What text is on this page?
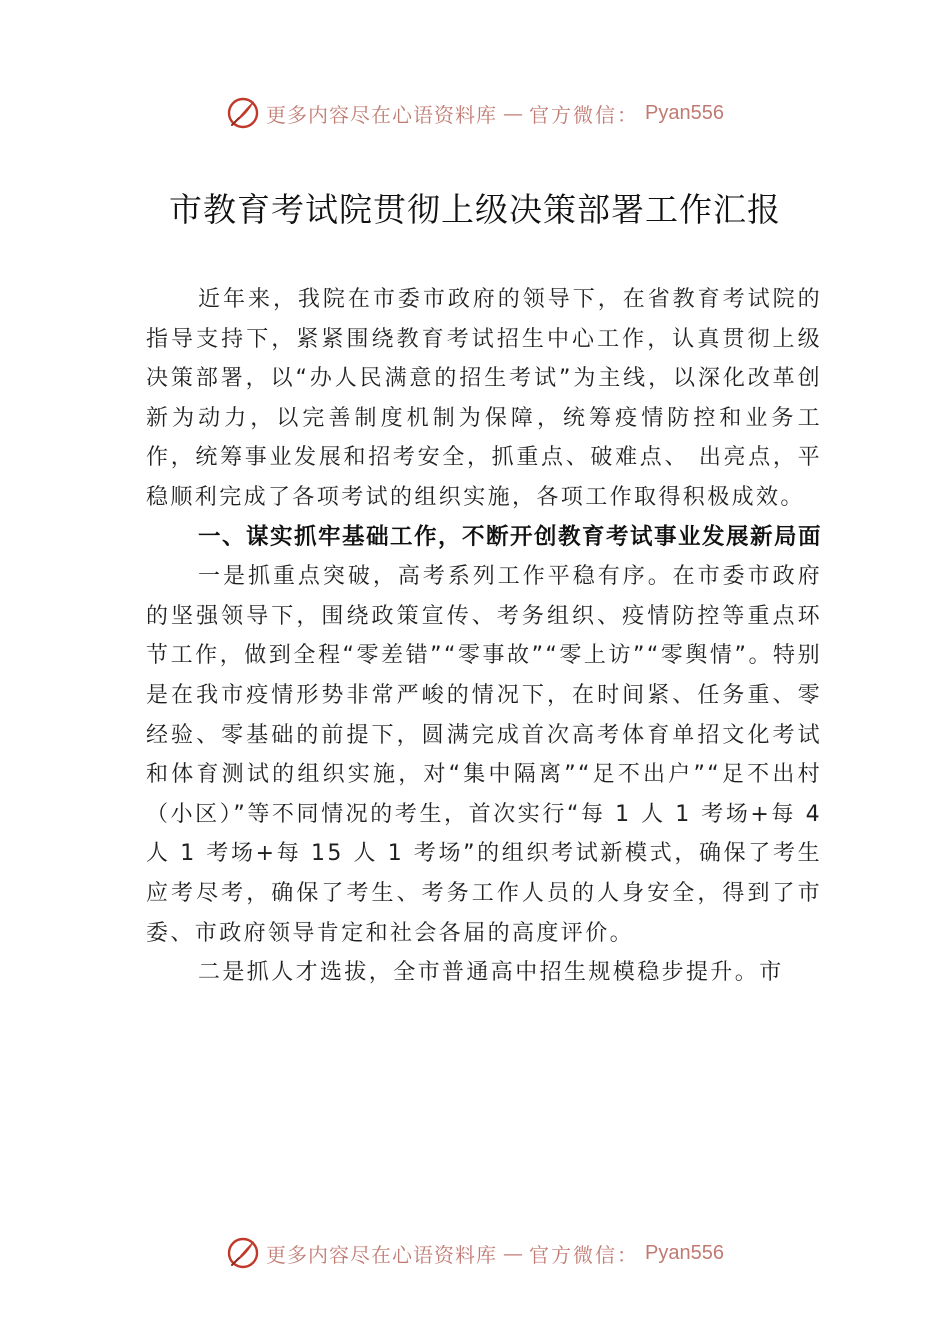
更多内容尽在心语资料库 — 官方微信： Pyan556
市教育考试院贯彻上级决策部署工作汇报

近年来，我院在市委市政府的领导下，在省教育考试院的指导支持下，紧紧围绕教育考试招生中心工作，认真贯彻上级决策部署，以“办人民满意的招生考试”为主线，以深化改革创新为动力，以完善制度机制为保障，统筹疫情防控和业务工作，统筹事业发展和招考安全，抓重点、破难点、 出亮点，平稳顺利完成了各项考试的组织实施，各项工作取得积极成效。

一、谋实抓牢基础工作，不断开创教育考试事业发展新局面

一是抓重点突破，高考系列工作平稳有序。在市委市政府的坚强领导下，围绕政策宣传、考务组织、疫情防控等重点环节工作，做到全程“零差错”“零事故”“零上访”“零舆情”。特别是在我市疫情形势非常严峻的情况下，在时间紧、任务重、零经验、零基础的前提下，圆满完成首次高考体育单招文化考试和体育测试的组织实施，对“集中隔离”“足不出户”“足不出村（小区）”等不同情况的考生，首次实行“每 1 人 1 考场+每 4 人 1 考场+每 15 人 1 考场”的组织考试新模式，确保了考生应考尽考，确保了考生、考务工作人员的人身安全，得到了市委、市政府领导肯定和社会各届的高度评价。

二是抓人才选拔，全市普通高中招生规模稳步提升。市

更多内容尽在心语资料库 — 官方微信： Pyan556
